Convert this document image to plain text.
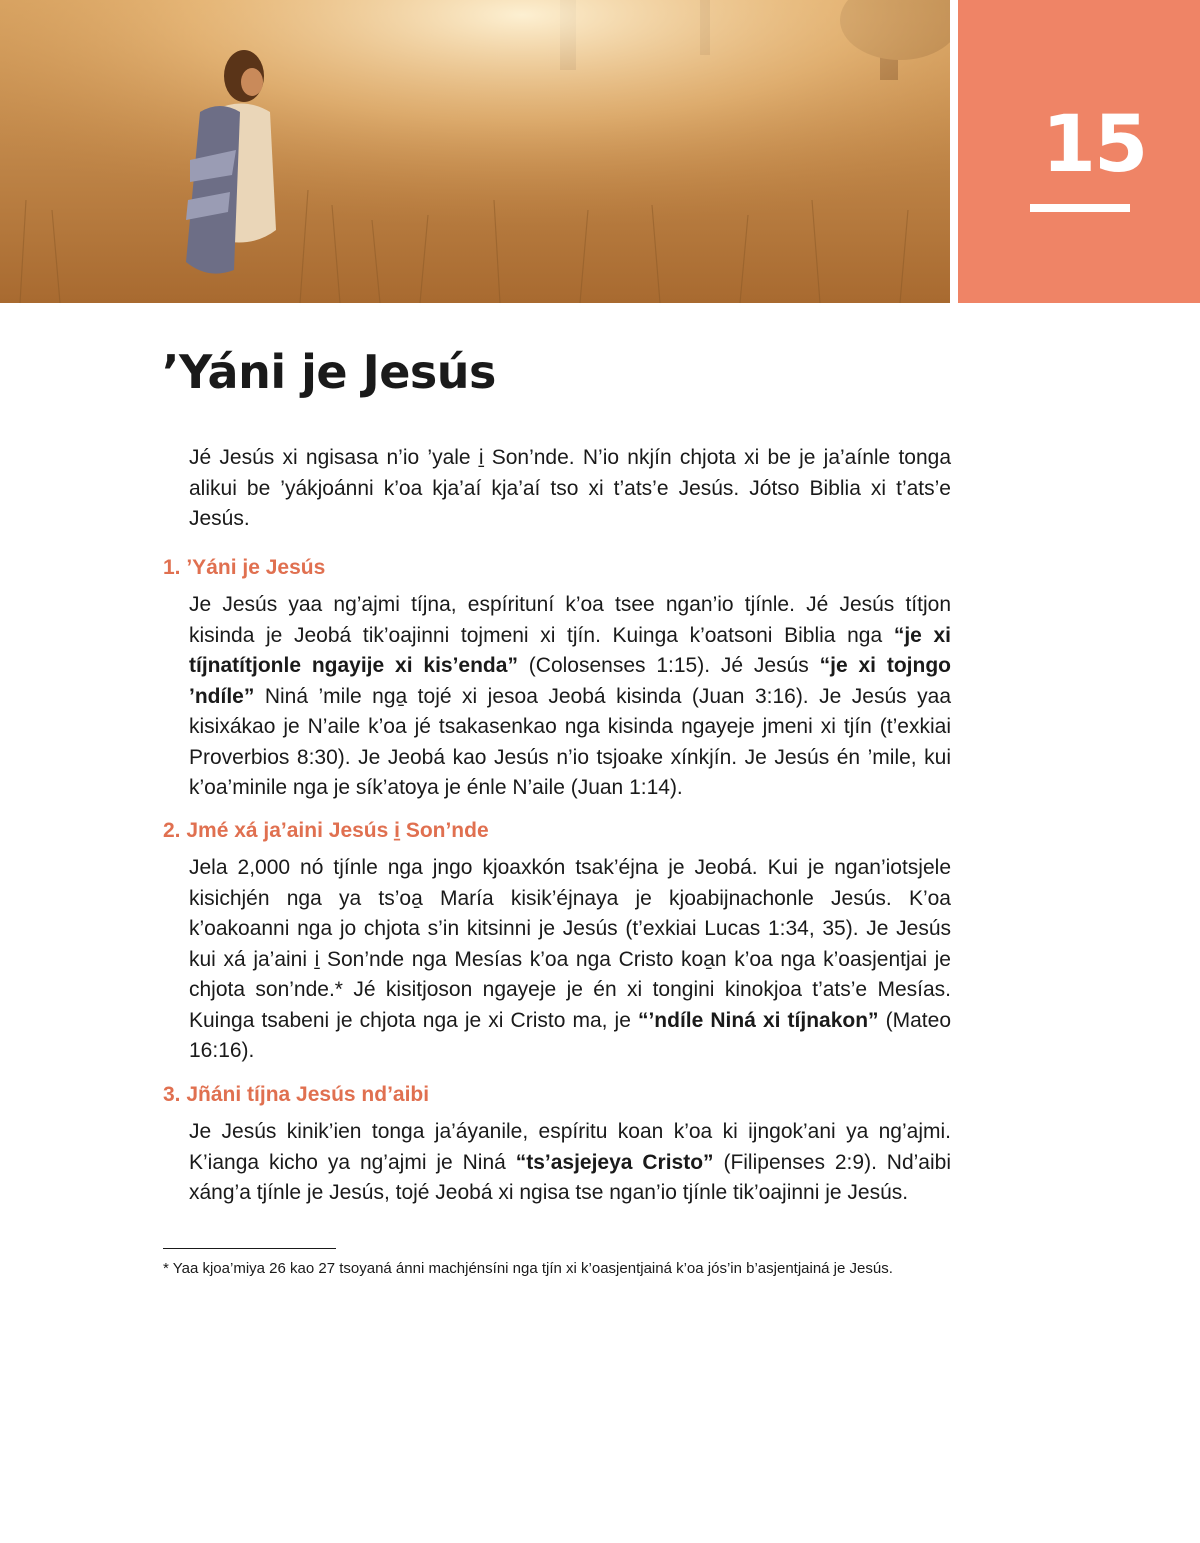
15
’Yáni je Jesús

Jé Jesús xi ngisasa n’io ’yale i̱ Son’nde. N’io nkjín chjota xi be je ja’aínle tonga alikui be ’yákjoánni k’oa kja’aí kja’aí tso xi t’ats’e Jesús. Jótso Biblia xi t’ats’e Jesús.

1. ’Yáni je Jesús

Je Jesús yaa ng’ajmi tíjna, espírituní k’oa tsee ngan’io tjínle. Jé Jesús títjon kisinda je Jeobá tik’oajinni tojmeni xi tjín. Kuinga k’oatsoni Biblia nga “je xi tíjnatítjonle ngayije xi kis’enda” (Colosenses 1:15). Jé Jesús “je xi tojngo ’ndíle” Niná ’mile nga̱ tojé xi jesoa Jeobá kisinda (Juan 3:16). Je Jesús yaa kisixákao je N’aile k’oa jé tsakasenkao nga kisinda ngayeje jmeni xi tjín (t’exkiai Proverbios 8:30). Je Jeobá kao Jesús n’io tsjoake xínkjín. Je Jesús én ’mile, kui k’oa’minile nga je sík’atoya je énle N’aile (Juan 1:14).

2. Jmé xá ja’aini Jesús i̱ Son’nde

Jela 2,000 nó tjínle nga jngo kjoaxkón tsak’éjna je Jeobá. Kui je ngan’iotsjele kisichjén nga ya ts’oa̱ María kisik’éjnaya je kjoabijnachonle Jesús. K’oa k’oakoanni nga jo chjota s’in kitsinni je Jesús (t’exkiai Lucas 1:34, 35). Je Jesús kui xá ja’aini i̱ Son’nde nga Mesías k’oa nga Cristo koa̱n k’oa nga k’oasjentjai je chjota son’nde.* Jé kisitjoson ngayeje je én xi tongini kinokjoa t’ats’e Mesías. Kuinga tsabeni je chjota nga je xi Cristo ma, je “’ndíle Niná xi tíjnakon” (Mateo 16:16).

3. Jñáni tíjna Jesús nd’aibi

Je Jesús kinik’ien tonga ja’áyanile, espíritu koan k’oa ki ijngok’ani ya ng’ajmi. K’ianga kicho ya ng’ajmi je Niná “ts’asjejeya Cristo” (Filipenses 2:9). Nd’aibi xáng’a tjínle je Jesús, tojé Jeobá xi ngisa tse ngan’io tjínle tik’oajinni je Jesús.

* Yaa kjoa’miya 26 kao 27 tsoyaná ánni machjénsíni nga tjín xi k’oasjentjainá k’oa jós’in b’asjentjainá je Jesús.
